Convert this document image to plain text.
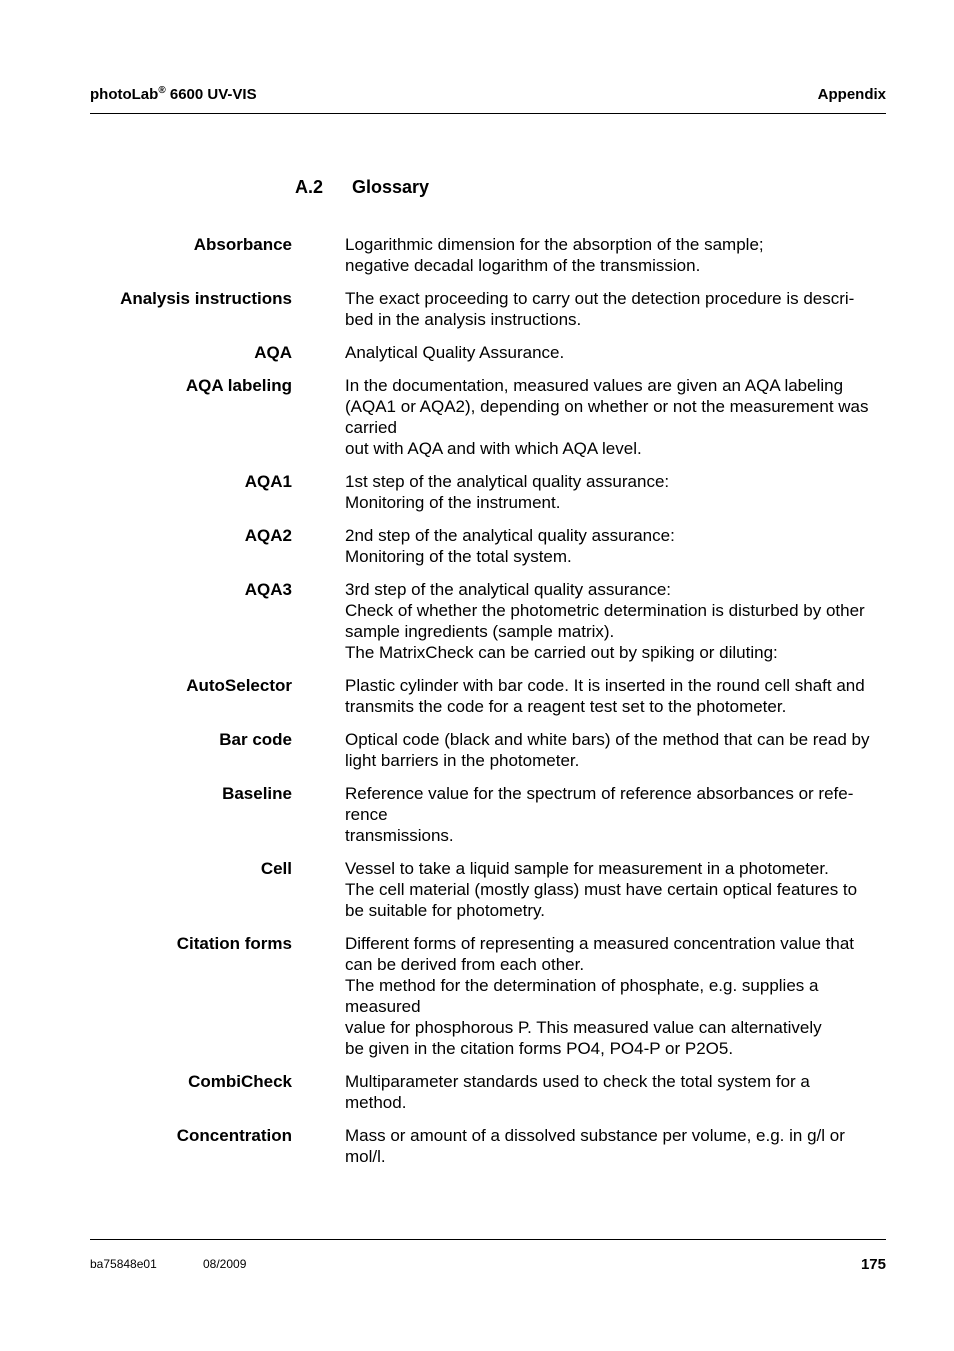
photoLab® 6600 UV-VIS	Appendix
A.2 Glossary
Absorbance	Logarithmic dimension for the absorption of the sample;
negative decadal logarithm of the transmission.
Analysis instructions	The exact proceeding to carry out the detection procedure is descri-
bed in the analysis instructions.
AQA	Analytical Quality Assurance.
AQA labeling	In the documentation, measured values are given an AQA labeling
(AQA1 or AQA2), depending on whether or not the measurement was
carried
out with AQA and with which AQA level.
AQA1	1st step of the analytical quality assurance:
Monitoring of the instrument.
AQA2	2nd step of the analytical quality assurance:
Monitoring of the total system.
AQA3	3rd step of the analytical quality assurance:
Check of whether the photometric determination is disturbed by other
sample ingredients (sample matrix).
The MatrixCheck can be carried out by spiking or diluting:
AutoSelector	Plastic cylinder with bar code. It is inserted in the round cell shaft and
transmits the code for a reagent test set to the photometer.
Bar code	Optical code (black and white bars) of the method that can be read by
light barriers in the photometer.
Baseline	Reference value for the spectrum of reference absorbances or refe-
rence
transmissions.
Cell	Vessel to take a liquid sample for measurement in a photometer.
The cell material (mostly glass) must have certain optical features to
be suitable for photometry.
Citation forms	Different forms of representing a measured concentration value that
can be derived from each other.
The method for the determination of phosphate, e.g. supplies a
measured
value for phosphorous P. This measured value can alternatively
be given in the citation forms PO4, PO4-P or P2O5.
CombiCheck	Multiparameter standards used to check the total system for a
method.
Concentration	Mass or amount of a dissolved substance per volume, e.g. in g/l or
mol/l.
ba75848e01	08/2009	175
